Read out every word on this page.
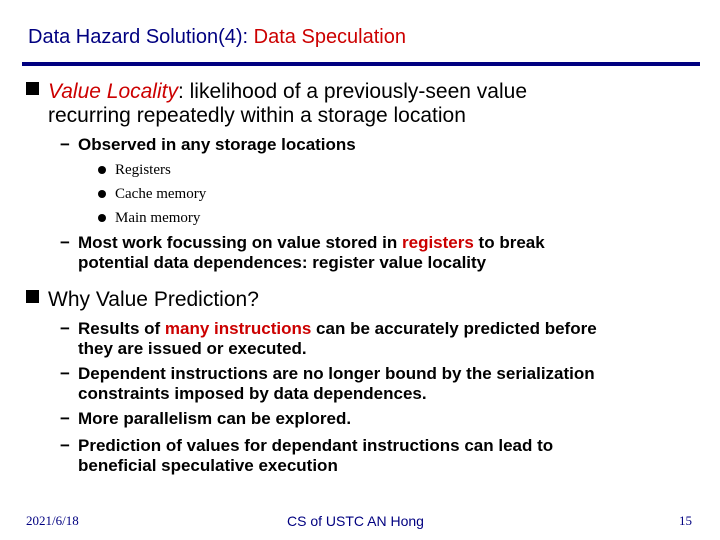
Data Hazard Solution(4): Data Speculation
Value Locality: likelihood of a previously-seen value
recurring repeatedly within a storage location
− Observed in any storage locations
Registers
Cache memory
Main memory
− Most work focussing on value stored in registers to break
potential data dependences: register value locality
Why Value Prediction?
− Results of many instructions can be accurately predicted before
they are issued or executed.
− Dependent instructions are no longer bound by the serialization
constraints imposed by data dependences.
− More parallelism can be explored.
− Prediction of values for dependant instructions can lead to
beneficial speculative execution
2021/6/18	CS of USTC AN Hong	15
